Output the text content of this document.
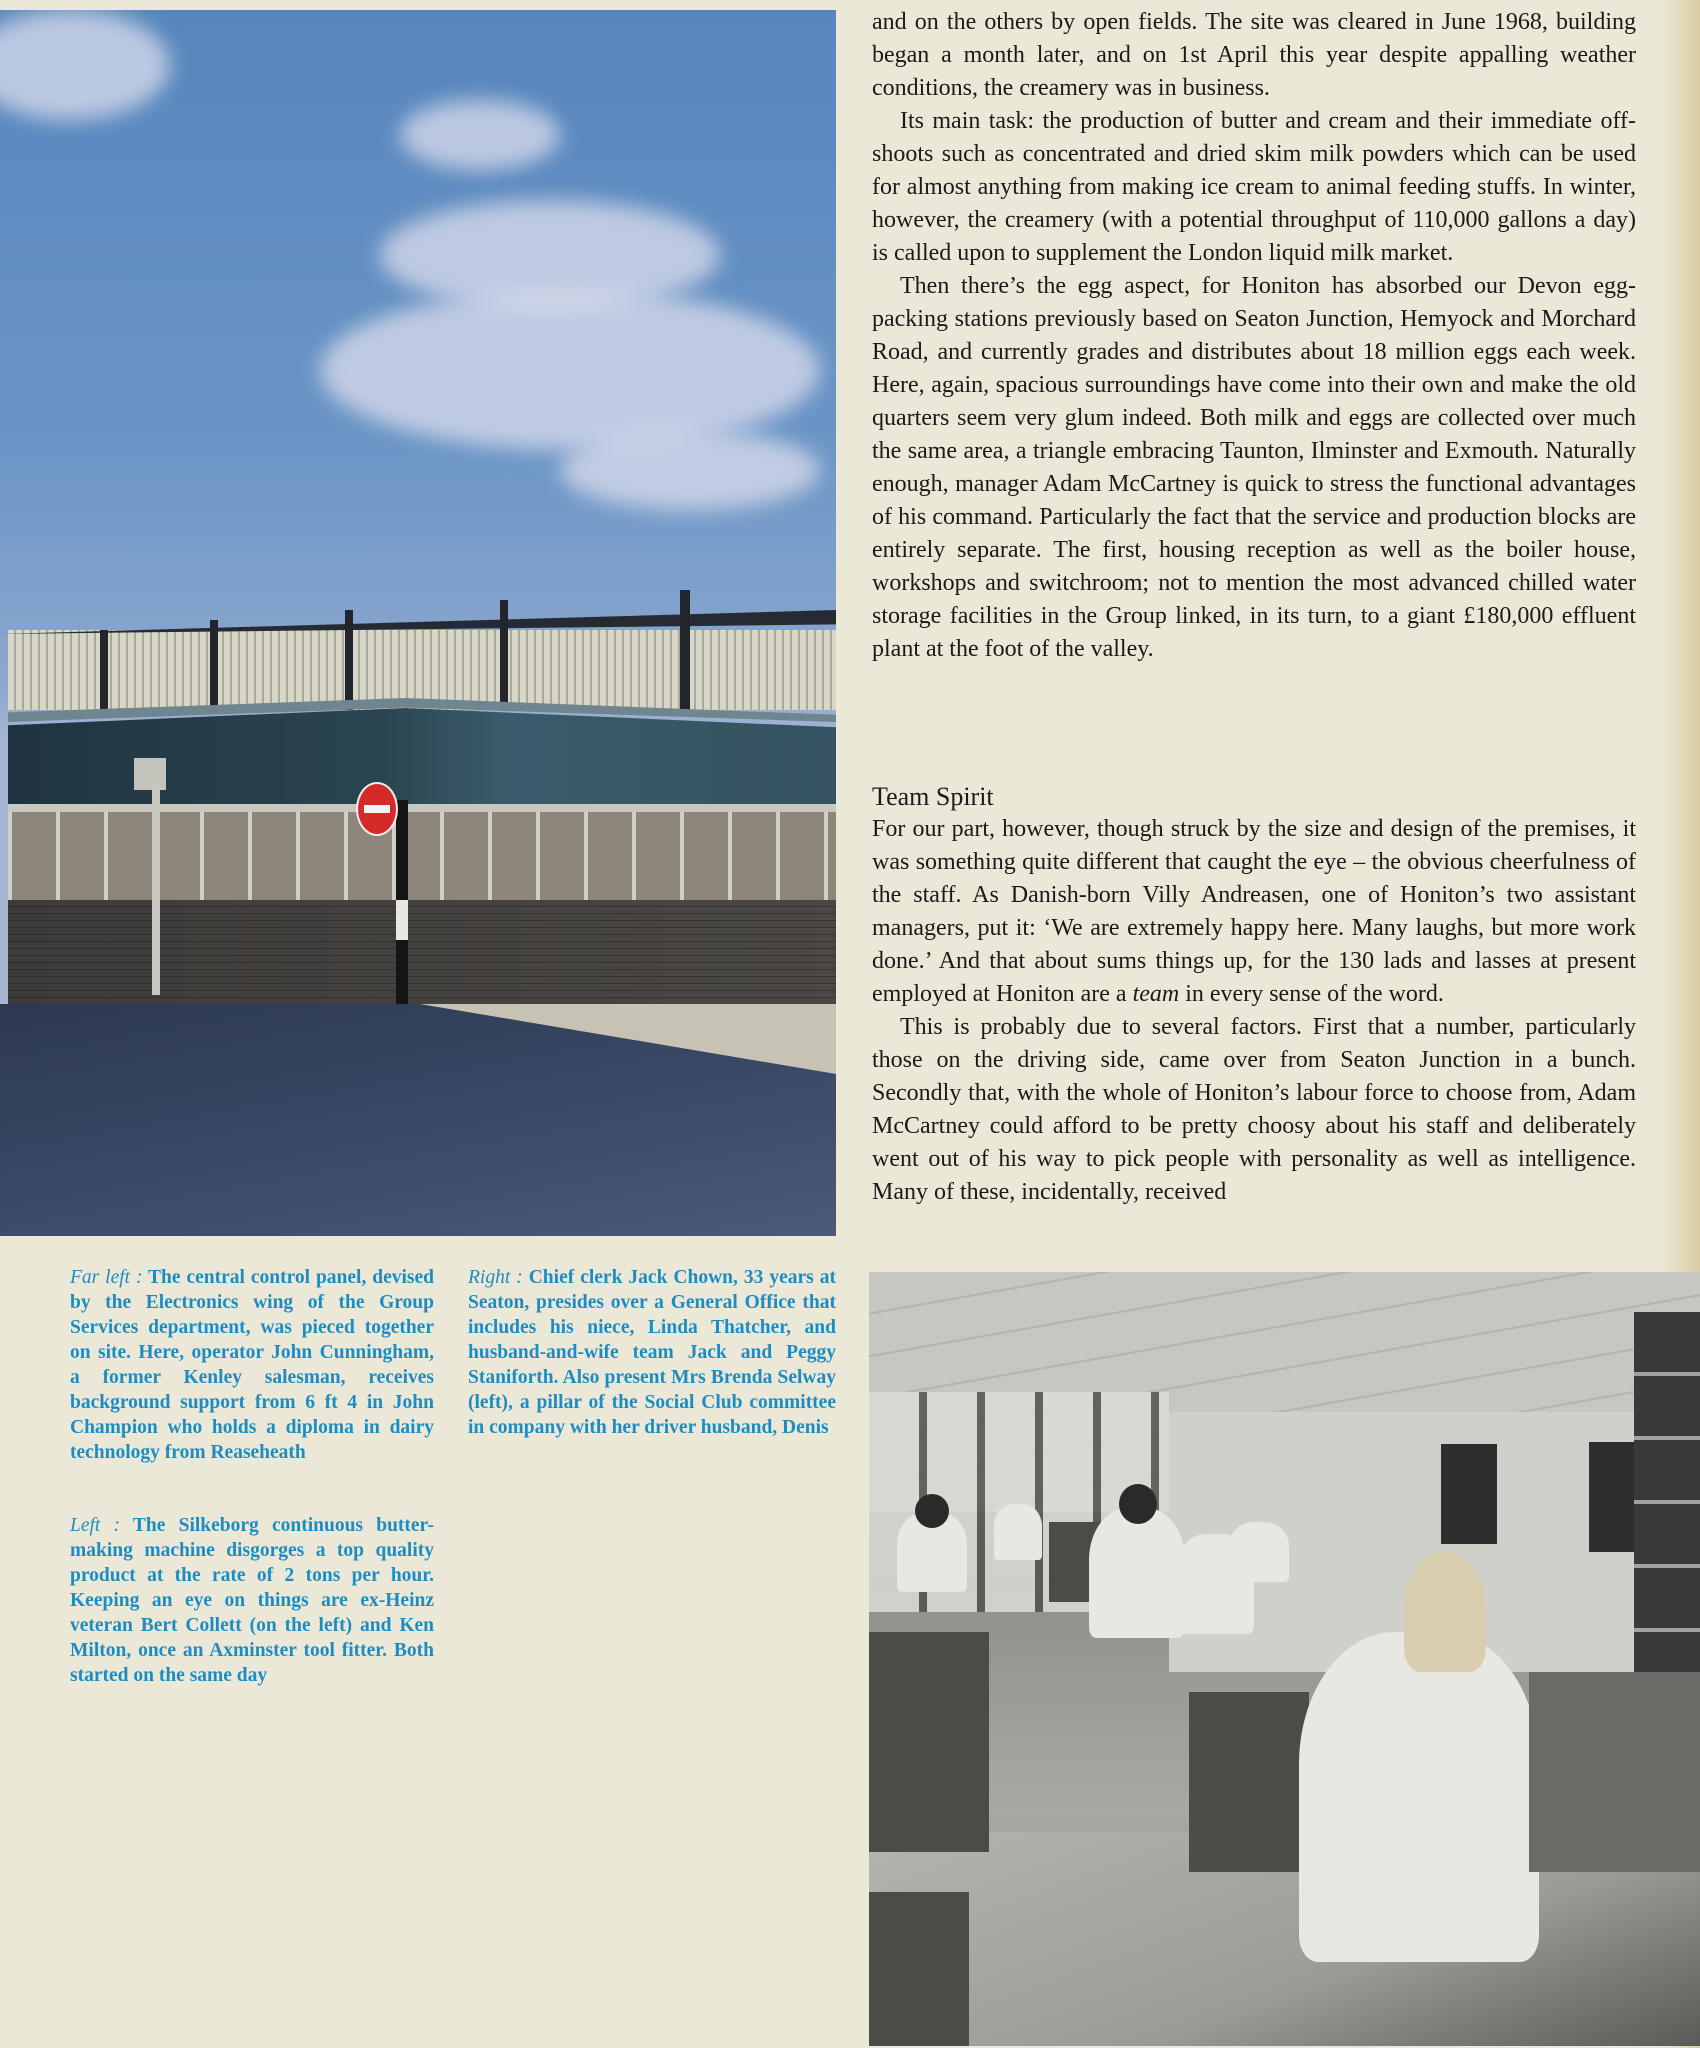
and on the others by open fields. The site was cleared in June 1968, building began a month later, and on 1st April this year despite appalling weather conditions, the creamery was in business.

Its main task: the production of butter and cream and their immediate off-shoots such as concentrated and dried skim milk powders which can be used for almost anything from making ice cream to animal feeding stuffs. In winter, however, the creamery (with a potential throughput of 110,000 gallons a day) is called upon to supplement the London liquid milk market.

Then there’s the egg aspect, for Honiton has absorbed our Devon egg-packing stations previously based on Seaton Junction, Hemyock and Morchard Road, and currently grades and distributes about 18 million eggs each week. Here, again, spacious surroundings have come into their own and make the old quarters seem very glum indeed. Both milk and eggs are collected over much the same area, a triangle embracing Taunton, Ilminster and Exmouth. Naturally enough, manager Adam McCartney is quick to stress the functional advantages of his command. Particularly the fact that the service and production blocks are entirely separate. The first, housing reception as well as the boiler house, workshops and switchroom; not to mention the most advanced chilled water storage facilities in the Group linked, in its turn, to a giant £180,000 effluent plant at the foot of the valley.

Team Spirit

For our part, however, though struck by the size and design of the premises, it was something quite different that caught the eye – the obvious cheerfulness of the staff. As Danish-born Villy Andreasen, one of Honiton’s two assistant managers, put it: ‘We are extremely happy here. Many laughs, but more work done.’ And that about sums things up, for the 130 lads and lasses at present employed at Honiton are a team in every sense of the word.

This is probably due to several factors. First that a number, particularly those on the driving side, came over from Seaton Junction in a bunch. Secondly that, with the whole of Honiton’s labour force to choose from, Adam McCartney could afford to be pretty choosy about his staff and deliberately went out of his way to pick people with personality as well as intelligence. Many of these, incidentally, received

Far left : The central control panel, devised by the Electronics wing of the Group Services department, was pieced together on site. Here, operator John Cunningham, a former Kenley salesman, receives background support from 6 ft 4 in John Champion who holds a diploma in dairy technology from Reaseheath

Right : Chief clerk Jack Chown, 33 years at Seaton, presides over a General Office that includes his niece, Linda Thatcher, and husband-and-wife team Jack and Peggy Staniforth. Also present Mrs Brenda Selway (left), a pillar of the Social Club committee in company with her driver husband, Denis

Left : The Silkeborg continuous butter-making machine disgorges a top quality product at the rate of 2 tons per hour. Keeping an eye on things are ex-Heinz veteran Bert Collett (on the left) and Ken Milton, once an Axminster tool fitter. Both started on the same day
